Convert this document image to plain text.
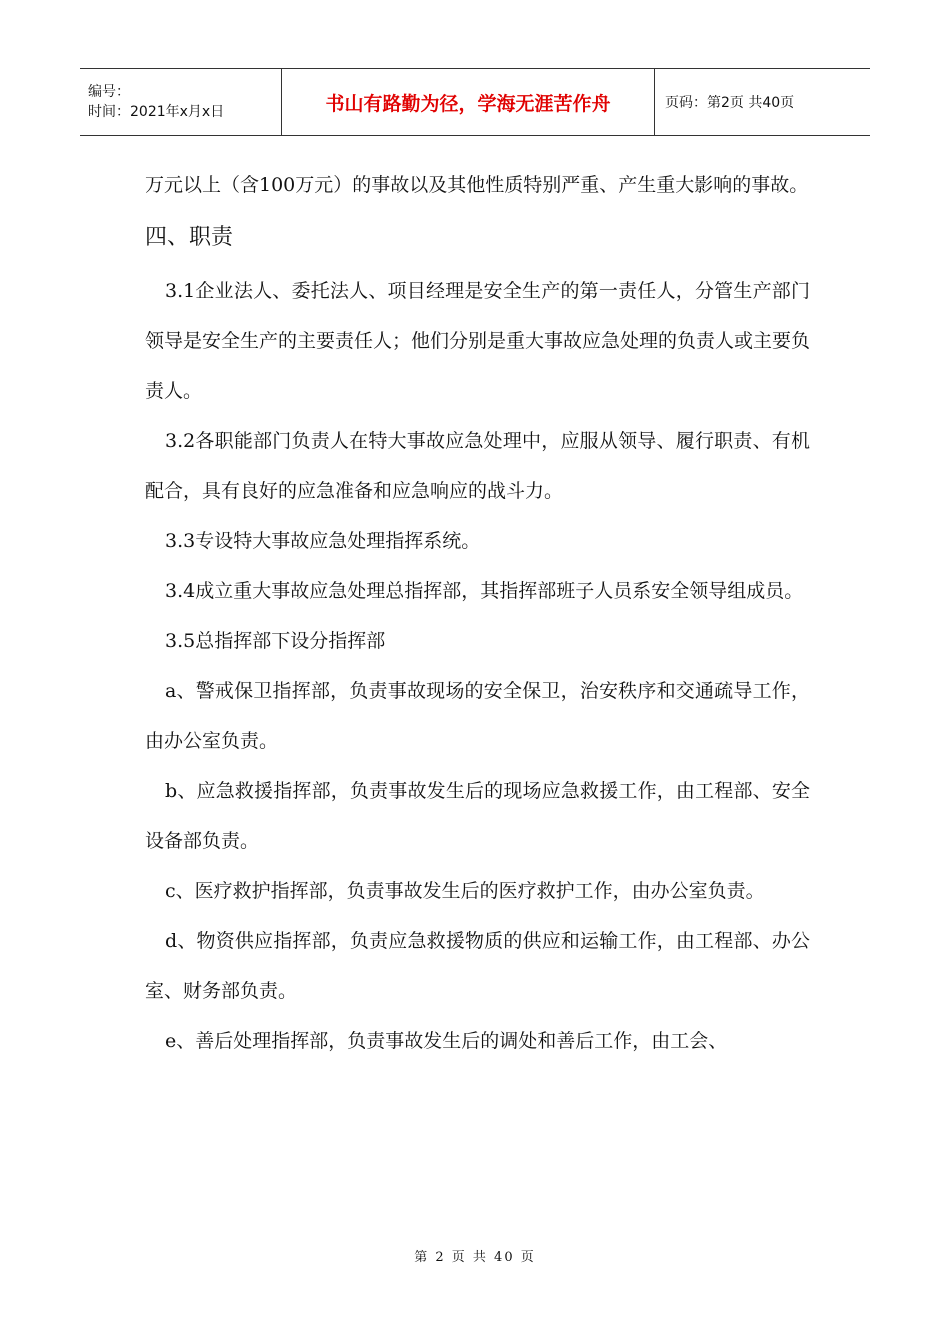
编号：
时间：2021年x月x日	书山有路勤为径，学海无涯苦作舟	页码：第2页 共40页

万元以上（含100万元）的事故以及其他性质特别严重、产生重大影响的事故。

四、职责

3.1企业法人、委托法人、项目经理是安全生产的第一责任人，分管生产部门领导是安全生产的主要责任人；他们分别是重大事故应急处理的负责人或主要负责人。

3.2各职能部门负责人在特大事故应急处理中，应服从领导、履行职责、有机配合，具有良好的应急准备和应急响应的战斗力。

3.3专设特大事故应急处理指挥系统。

3.4成立重大事故应急处理总指挥部，其指挥部班子人员系安全领导组成员。

3.5总指挥部下设分指挥部

a、警戒保卫指挥部，负责事故现场的安全保卫，治安秩序和交通疏导工作，由办公室负责。

b、应急救援指挥部，负责事故发生后的现场应急救援工作，由工程部、安全设备部负责。

c、医疗救护指挥部，负责事故发生后的医疗救护工作，由办公室负责。

d、物资供应指挥部，负责应急救援物质的供应和运输工作，由工程部、办公室、财务部负责。

e、善后处理指挥部，负责事故发生后的调处和善后工作，由工会、

第 2 页 共 40 页
